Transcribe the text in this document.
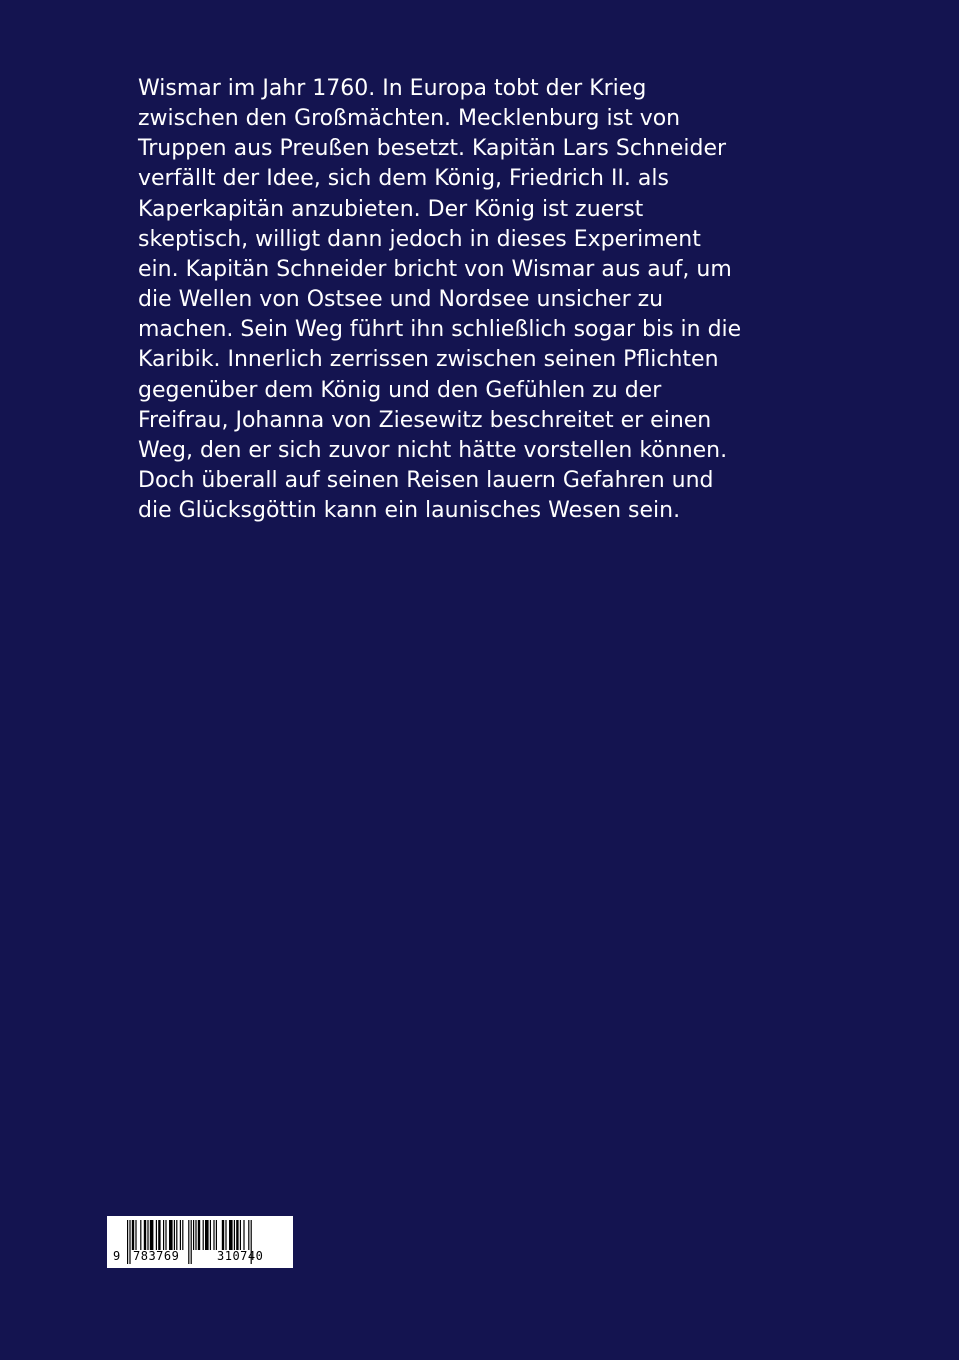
Wismar im Jahr 1760. In Europa tobt der Krieg
zwischen den Großmächten. Mecklenburg ist von
Truppen aus Preußen besetzt. Kapitän Lars Schneider
verfällt der Idee, sich dem König, Friedrich II. als
Kaperkapitän anzubieten. Der König ist zuerst
skeptisch, willigt dann jedoch in dieses Experiment
ein. Kapitän Schneider bricht von Wismar aus auf, um
die Wellen von Ostsee und Nordsee unsicher zu
machen. Sein Weg führt ihn schließlich sogar bis in die
Karibik. Innerlich zerrissen zwischen seinen Pflichten
gegenüber dem König und den Gefühlen zu der
Freifrau, Johanna von Ziesewitz beschreitet er einen
Weg, den er sich zuvor nicht hätte vorstellen können.
Doch überall auf seinen Reisen lauern Gefahren und
die Glücksgöttin kann ein launisches Wesen sein.

9 783769	310740
